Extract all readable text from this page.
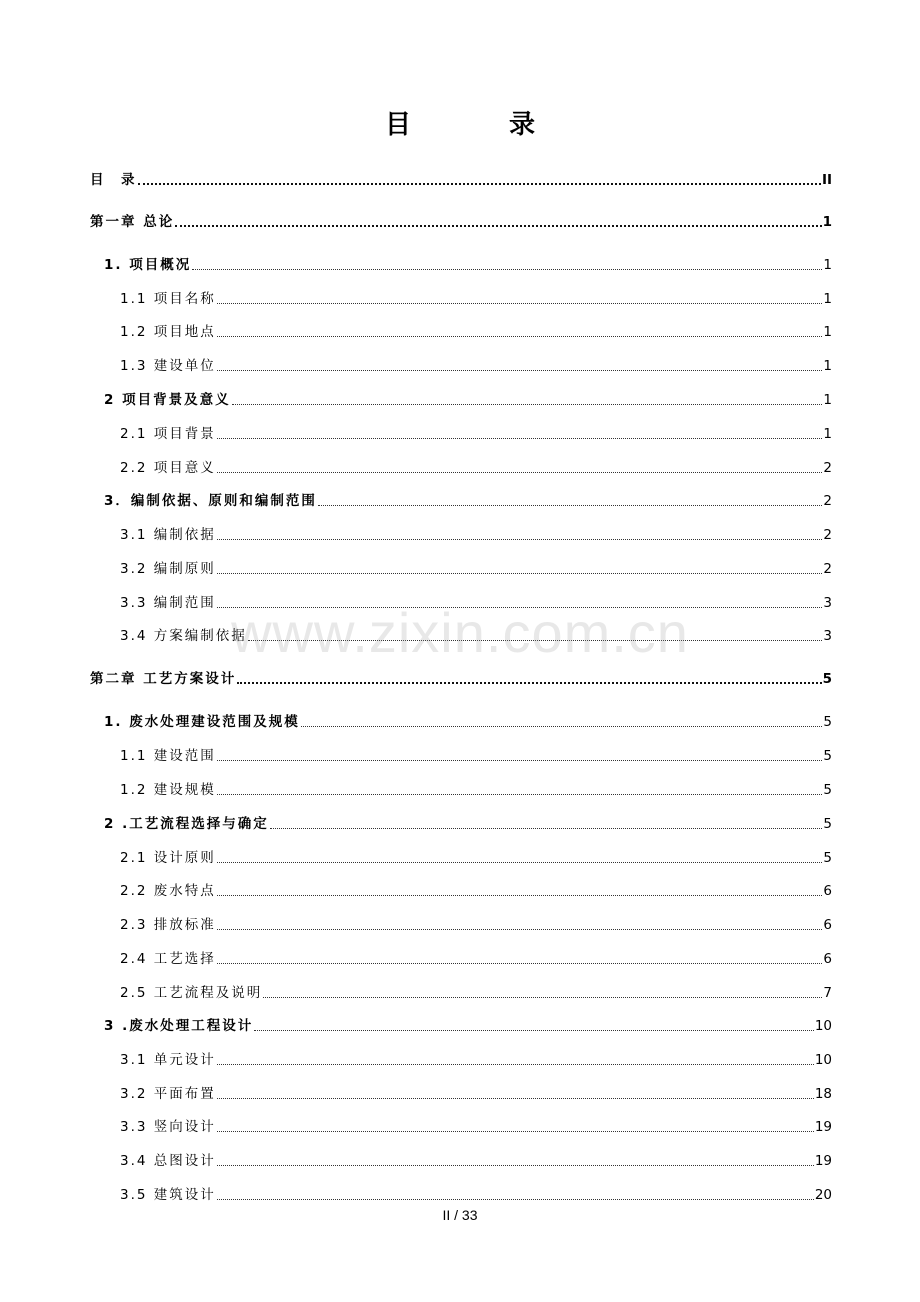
目　录
目　录	II
第一章 总论	1
1. 项目概况	1
1.1 项目名称	1
1.2 项目地点	1
1.3 建设单位	1
2 项目背景及意义	1
2.1 项目背景	1
2.2 项目意义	2
3．编制依据、原则和编制范围	2
3.1 编制依据	2
3.2 编制原则	2
3.3 编制范围	3
3.4 方案编制依据	3
第二章 工艺方案设计	5
1. 废水处理建设范围及规模	5
1.1 建设范围	5
1.2 建设规模	5
2 .工艺流程选择与确定	5
2.1 设计原则	5
2.2 废水特点	6
2.3 排放标准	6
2.4 工艺选择	6
2.5 工艺流程及说明	7
3 .废水处理工程设计	10
3.1 单元设计	10
3.2 平面布置	18
3.3 竖向设计	19
3.4 总图设计	19
3.5 建筑设计	20
www.zixin.com.cn
II / 33
